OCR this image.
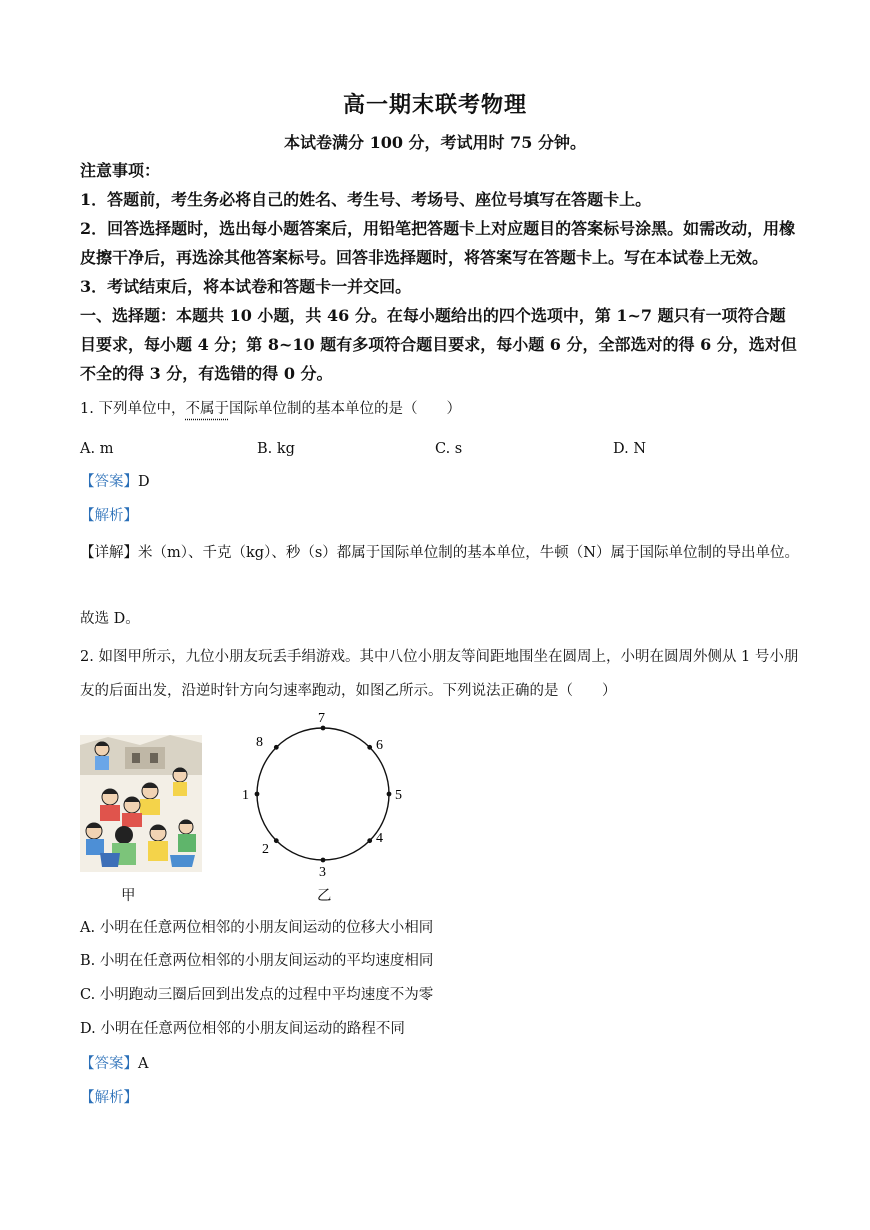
高一期末联考物理
本试卷满分 100 分，考试用时 75 分钟。

注意事项：

1．答题前，考生务必将自己的姓名、考生号、考场号、座位号填写在答题卡上。

2．回答选择题时，选出每小题答案后，用铅笔把答题卡上对应题目的答案标号涂黑。如需改动，用橡皮擦干净后，再选涂其他答案标号。回答非选择题时，将答案写在答题卡上。写在本试卷上无效。

3．考试结束后，将本试卷和答题卡一并交回。

一、选择题：本题共 10 小题，共 46 分。在每小题给出的四个选项中，第 1~7 题只有一项符合题目要求，每小题 4 分；第 8~10 题有多项符合题目要求，每小题 6 分，全部选对的得 6 分，选对但不全的得 3 分，有选错的得 0 分。

1. 下列单位中，不属于国际单位制的基本单位的是（　　）

A. m	B. kg	C. s	D. N

【答案】D

【解析】

【详解】米（m）、千克（kg）、秒（s）都属于国际单位制的基本单位，牛顿（N）属于国际单位制的导出单位。

故选 D。

2. 如图甲所示，九位小朋友玩丢手绢游戏。其中八位小朋友等间距地围坐在圆周上，小明在圆周外侧从 1 号小朋友的后面出发，沿逆时针方向匀速率跑动，如图乙所示。下列说法正确的是（　　）

甲
1
2
3
4
5
6
7
8
乙
A. 小明在任意两位相邻的小朋友间运动的位移大小相同
B. 小明在任意两位相邻的小朋友间运动的平均速度相同
C. 小明跑动三圈后回到出发点的过程中平均速度不为零
D. 小明在任意两位相邻的小朋友间运动的路程不同

【答案】A

【解析】
